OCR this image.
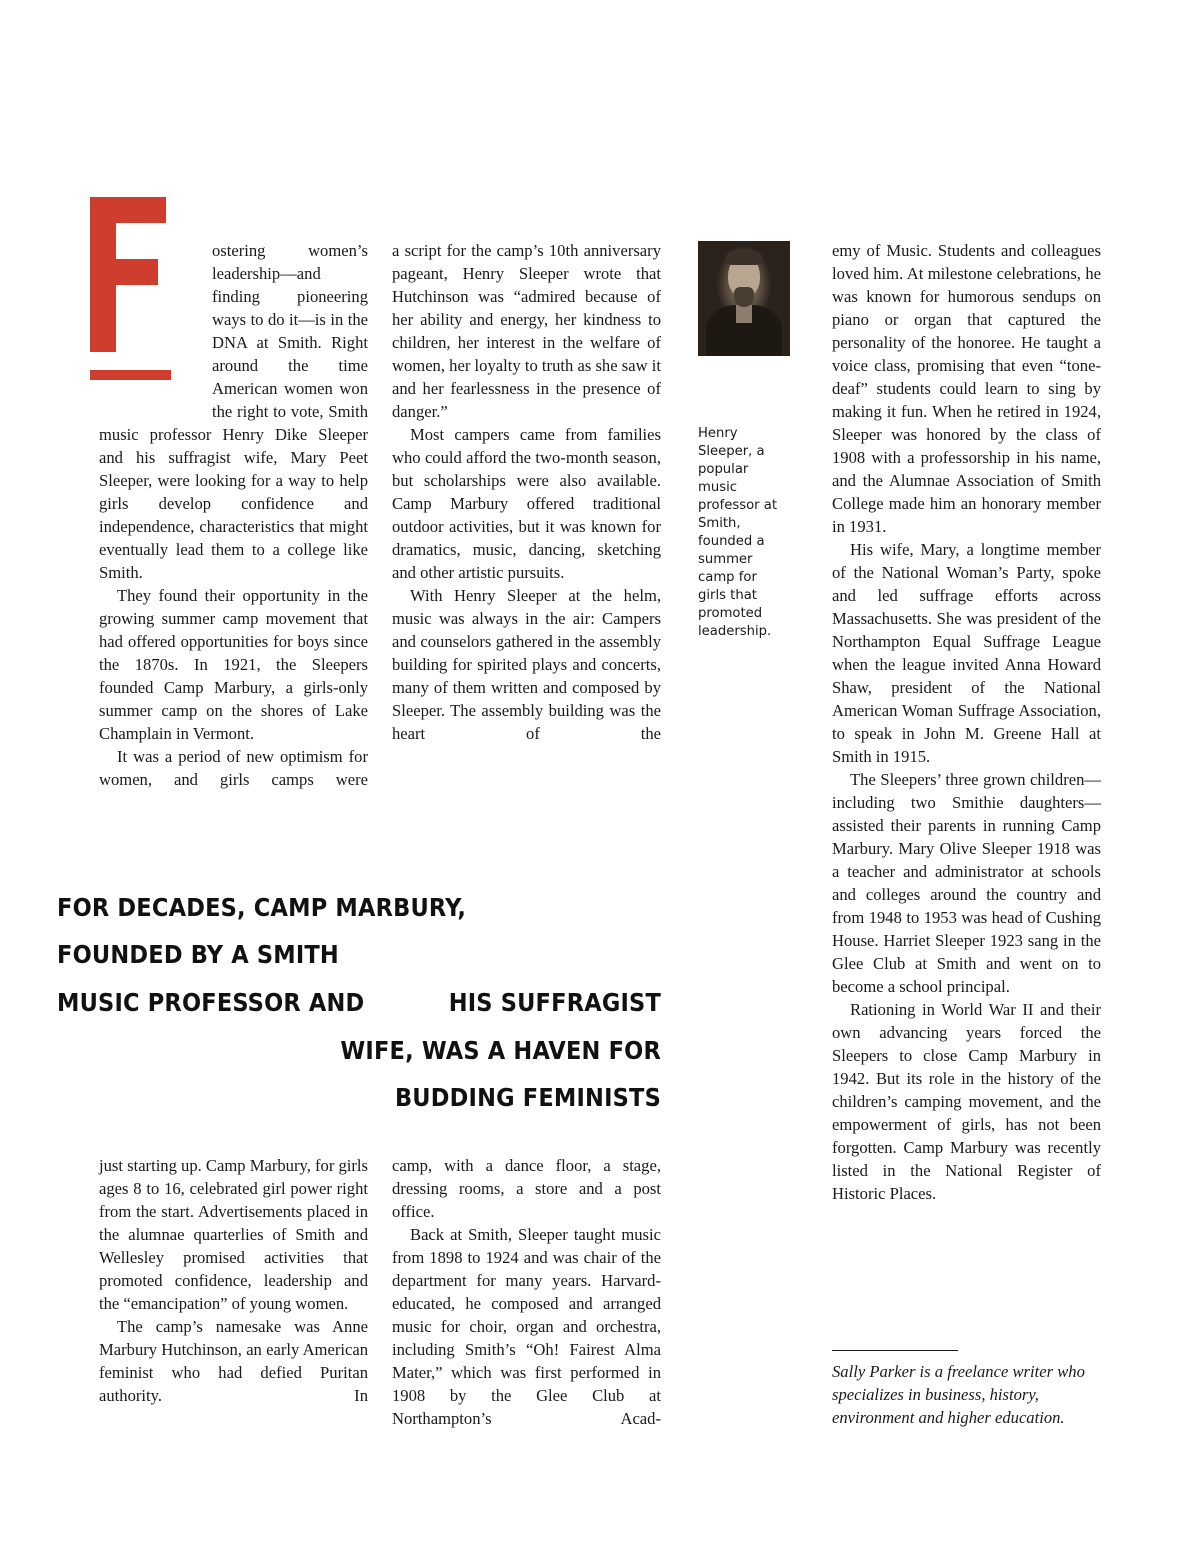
ostering women’s leadership—and finding pioneering ways to do it—is in the DNA at Smith. Right around the time American women won the right to vote, Smith music professor Henry Dike Sleeper and his suffragist wife, Mary Peet Sleeper, were looking for a way to help girls develop confidence and independence, characteristics that might eventually lead them to a college like Smith.

They found their opportunity in the growing summer camp movement that had offered opportunities for boys since the 1870s. In 1921, the Sleepers founded Camp Marbury, a girls-only summer camp on the shores of Lake Champlain in Vermont.

It was a period of new optimism for women, and girls camps were

a script for the camp’s 10th anniversary pageant, Henry Sleeper wrote that Hutchinson was “admired because of her ability and energy, her kindness to children, her interest in the welfare of women, her loyalty to truth as she saw it and her fearlessness in the presence of danger.”

Most campers came from families who could afford the two-month season, but scholarships were also available. Camp Marbury offered traditional outdoor activities, but it was known for dramatics, music, dancing, sketching and other artistic pursuits.

With Henry Sleeper at the helm, music was always in the air: Campers and counselors gathered in the assembly building for spirited plays and concerts, many of them written and composed by Sleeper. The assembly building was the heart of the

Henry Sleeper, a popular music professor at Smith, founded a summer camp for girls that promoted leadership.

emy of Music. Students and colleagues loved him. At milestone celebrations, he was known for humorous sendups on piano or organ that captured the personality of the honoree. He taught a voice class, promising that even “tone-deaf” students could learn to sing by making it fun. When he retired in 1924, Sleeper was honored by the class of 1908 with a professorship in his name, and the Alumnae Association of Smith College made him an honorary member in 1931.

His wife, Mary, a longtime member of the National Woman’s Party, spoke and led suffrage efforts across Massachusetts. She was president of the Northampton Equal Suffrage League when the league invited Anna Howard Shaw, president of the National American Woman Suffrage Association, to speak in John M. Greene Hall at Smith in 1915.

The Sleepers’ three grown children—including two Smithie daughters—assisted their parents in running Camp Marbury. Mary Olive Sleeper 1918 was a teacher and administrator at schools and colleges around the country and from 1948 to 1953 was head of Cushing House. Harriet Sleeper 1923 sang in the Glee Club at Smith and went on to become a school principal.

Rationing in World War II and their own advancing years forced the Sleepers to close Camp Marbury in 1942. But its role in the history of the children’s camping movement, and the empowerment of girls, has not been forgotten. Camp Marbury was recently listed in the National Register of Historic Places.

FOR DECADES, CAMP MARBURY,
FOUNDED BY A SMITH
MUSIC PROFESSOR AND	HIS SUFFRAGIST
WIFE, WAS A HAVEN FOR
BUDDING FEMINISTS

just starting up. Camp Marbury, for girls ages 8 to 16, celebrated girl power right from the start. Advertisements placed in the alumnae quarterlies of Smith and Wellesley promised activities that promoted confidence, leadership and the “emancipation” of young women.

The camp’s namesake was Anne Marbury Hutchinson, an early American feminist who had defied Puritan authority. In

camp, with a dance floor, a stage, dressing rooms, a store and a post office.

Back at Smith, Sleeper taught music from 1898 to 1924 and was chair of the department for many years. Harvard-educated, he composed and arranged music for choir, organ and orchestra, including Smith’s “Oh! Fairest Alma Mater,” which was first performed in 1908 by the Glee Club at Northampton’s Acad-

Sally Parker is a freelance writer who specializes in business, history, environment and higher education.
